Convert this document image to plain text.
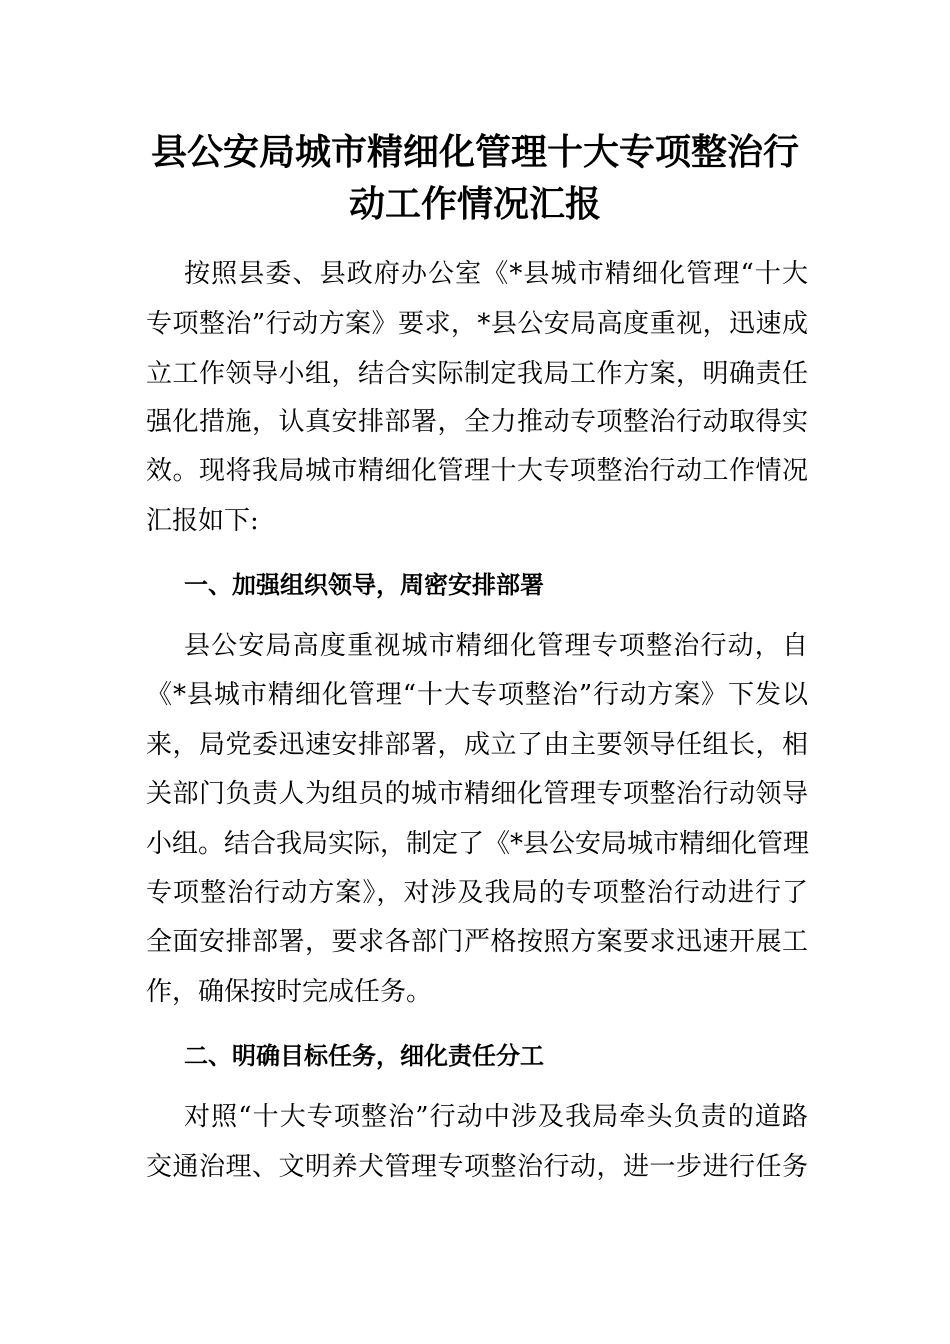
县公安局城市精细化管理十大专项整治行
动工作情况汇报

按照县委、县政府办公室《*县城市精细化管理“十大

专项整治”行动方案》要求，*县公安局高度重视，迅速成

立工作领导小组，结合实际制定我局工作方案，明确责任

强化措施，认真安排部署，全力推动专项整治行动取得实

效。现将我局城市精细化管理十大专项整治行动工作情况

汇报如下:

一、加强组织领导，周密安排部署

县公安局高度重视城市精细化管理专项整治行动，自

《*县城市精细化管理“十大专项整治”行动方案》下发以

来，局党委迅速安排部署，成立了由主要领导任组长，相

关部门负责人为组员的城市精细化管理专项整治行动领导

小组。结合我局实际，制定了《*县公安局城市精细化管理

专项整治行动方案》，对涉及我局的专项整治行动进行了

全面安排部署，要求各部门严格按照方案要求迅速开展工

作，确保按时完成任务。

二、明确目标任务，细化责任分工

对照“十大专项整治”行动中涉及我局牵头负责的道路

交通治理、文明养犬管理专项整治行动，进一步进行任务
